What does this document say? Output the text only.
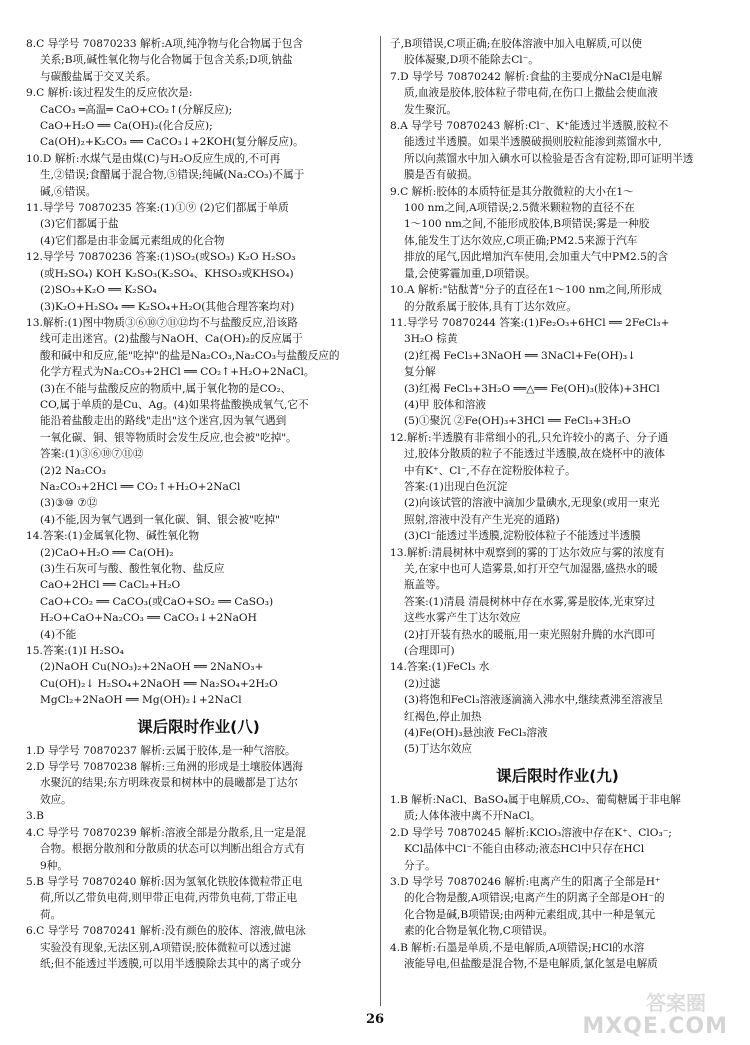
8.C 导学号 70870233 解析:A项,纯净物与化合物属于包含
关系;B项,碱性氧化物与化合物属于包含关系;D项,钠盐
与碳酸盐属于交叉关系。
9.C 解析:该过程发生的反应依次是:
CaCO₃ ═高温═ CaO+CO₂↑(分解反应);
CaO+H₂O ══ Ca(OH)₂(化合反应);
Ca(OH)₂+K₂CO₃ ══ CaCO₃↓+2KOH(复分解反应)。
10.D 解析:水煤气是由煤(C)与H₂O反应生成的,不可再
生,②错误;食醋属于混合物,⑤错误;纯碱(Na₂CO₃)不属于
碱,⑥错误。
11.导学号 70870235 答案:(1)①⑨ (2)它们都属于单质
(3)它们都属于盐
(4)它们都是由非金属元素组成的化合物
12.导学号 70870236 答案:(1)SO₂(或SO₃) K₂O H₂SO₃
(或H₂SO₄) KOH K₂SO₃(K₂SO₄、KHSO₃或KHSO₄)
(2)SO₃+K₂O ══ K₂SO₄
(3)K₂O+H₂SO₄ ══ K₂SO₄+H₂O(其他合理答案均对)
13.解析:(1)图中物质③⑥⑩⑦⑪⑫均不与盐酸反应,沿该路
线可走出迷宫。(2)盐酸与NaOH、Ca(OH)₂的反应属于
酸和碱中和反应,能"吃掉"的盐是Na₂CO₃,Na₂CO₃与盐酸反应的
化学方程式为Na₂CO₃+2HCl ══ CO₂↑+H₂O+2NaCl。
(3)在不能与盐酸反应的物质中,属于氧化物的是CO₂、
CO,属于单质的是Cu、Ag。(4)如果将盐酸换成氧气,它不
能沿着盐酸走出的路线"走出"这个迷宫,因为氧气遇到
一氧化碳、铜、银等物质时会发生反应,也会被"吃掉"。
答案:(1)③⑥⑩⑦⑪⑫
(2)2 Na₂CO₃
Na₂CO₃+2HCl ══ CO₂↑+H₂O+2NaCl
(3)③⑩ ⑦⑫
(4)不能,因为氧气遇到一氧化碳、铜、银会被"吃掉"
14.答案:(1)金属氧化物、碱性氧化物
(2)CaO+H₂O ══ Ca(OH)₂
(3)生石灰可与酸、酸性氧化物、盐反应
CaO+2HCl ══ CaCl₂+H₂O
CaO+CO₂ ══ CaCO₃(或CaO+SO₂ ══ CaSO₃)
H₂O+CaO+Na₂CO₃ ══ CaCO₃↓+2NaOH
(4)不能
15.答案:(1)Ⅰ H₂SO₄
(2)NaOH Cu(NO₃)₂+2NaOH ══ 2NaNO₃+
Cu(OH)₂↓ H₂SO₄+2NaOH ══ Na₂SO₄+2H₂O
MgCl₂+2NaOH ══ Mg(OH)₂↓+2NaCl
课后限时作业(八)
1.D 导学号 70870237 解析:云属于胶体,是一种气溶胶。
2.D 导学号 70870238 解析:三角洲的形成是土壤胶体遇海
水聚沉的结果;东方明珠夜景和树林中的晨曦都是丁达尔
效应。
3.B
4.C 导学号 70870239 解析:溶液全部是分散系,且一定是混
合物。根据分散剂和分散质的状态可以判断出组合方式有
9种。
5.B 导学号 70870240 解析:因为氢氧化铁胶体微粒带正电
荷,所以乙带负电荷,则甲带正电荷,丙带负电荷,丁带正电
荷。
6.C 导学号 70870241 解析:没有颜色的胶体、溶液,做电泳
实验没有现象,无法区别,A项错误;胶体微粒可以透过滤
纸;但不能透过半透膜,可以用半透膜除去其中的离子或分
子,B项错误,C项正确;在胶体溶液中加入电解质,可以使
胶体凝聚,D项不能除去Cl⁻。
7.D 导学号 70870242 解析:食盐的主要成分NaCl是电解
质,血液是胶体,胶体粒子带电荷,在伤口上撒盐会使血液
发生聚沉。
8.A 导学号 70870243 解析:Cl⁻、K⁺能透过半透膜,胶粒不
能透过半透膜。如果半透膜破损则胶粒能渗到蒸馏水中,
所以向蒸馏水中加入碘水可以检验是否含有淀粉,即可证明半透
膜是否有破损。
9.C 解析:胶体的本质特征是其分散微粒的大小在1～
100 nm之间,A项错误;2.5微米颗粒物的直径不在
1～100 nm之间,不能形成胶体,B项错误;雾是一种胶
体,能发生丁达尔效应,C项正确;PM2.5来源于汽车
排放的尾气,因此增加汽车使用,会加重大气中PM2.5的含
量,会使雾霾加重,D项错误。
10.A 解析:"钴酞菁"分子的直径在1～100 nm之间,所形成
的分散系属于胶体,具有丁达尔效应。
11.导学号 70870244 答案:(1)Fe₂O₃+6HCl ══ 2FeCl₃+
3H₂O 棕黄
(2)红褐 FeCl₃+3NaOH ══ 3NaCl+Fe(OH)₃↓
复分解
(3)红褐 FeCl₃+3H₂O ══△══ Fe(OH)₃(胶体)+3HCl
(4)甲 胶体和溶液
(5)①聚沉 ②Fe(OH)₃+3HCl ══ FeCl₃+3H₂O
12.解析:半透膜有非常细小的孔,只允许较小的离子、分子通
过,胶体分散质的粒子不能透过半透膜,故在烧杯中的液体
中有K⁺、Cl⁻,不存在淀粉胶体粒子。
答案:(1)出现白色沉淀
(2)向该试管的溶液中滴加少量碘水,无现象(或用一束光
照射,溶液中没有产生光亮的通路)
(3)Cl⁻能透过半透膜,淀粉胶体粒子不能透过半透膜
13.解析:清晨树林中观察到的雾的丁达尔效应与雾的浓度有
关,在家中也可人造雾景,如打开空气加湿器,盛热水的暖
瓶盖等。
答案:(1)清晨 清晨树林中存在水雾,雾是胶体,光束穿过
这些水雾产生丁达尔效应
(2)打开装有热水的暖瓶,用一束光照射升腾的水汽即可
(合理即可)
14.答案:(1)FeCl₃ 水
(2)过滤
(3)将饱和FeCl₃溶液逐滴滴入沸水中,继续煮沸至溶液呈
红褐色,停止加热
(4)Fe(OH)₃悬浊液 FeCl₃溶液
(5)丁达尔效应
课后限时作业(九)
1.B 解析:NaCl、BaSO₄属于电解质,CO₂、葡萄糖属于非电解
质;人体体液中离不开NaCl。
2.D 导学号 70870245 解析:KClO₃溶液中存在K⁺、ClO₃⁻;
KCl晶体中Cl⁻不能自由移动;液态HCl中只存在HCl
分子。
3.D 导学号 70870246 解析:电离产生的阳离子全部是H⁺
的化合物是酸,A项错误;电离产生的阴离子全部是OH⁻的
化合物是碱,B项错误;由两种元素组成,其中一种是氧元
素的化合物是氧化物,C项错误。
4.B 解析:石墨是单质,不是电解质,A项错误;HCl的水溶
液能导电,但盐酸是混合物,不是电解质,氯化氢是电解质
26
答案圈
MXQE.COM
